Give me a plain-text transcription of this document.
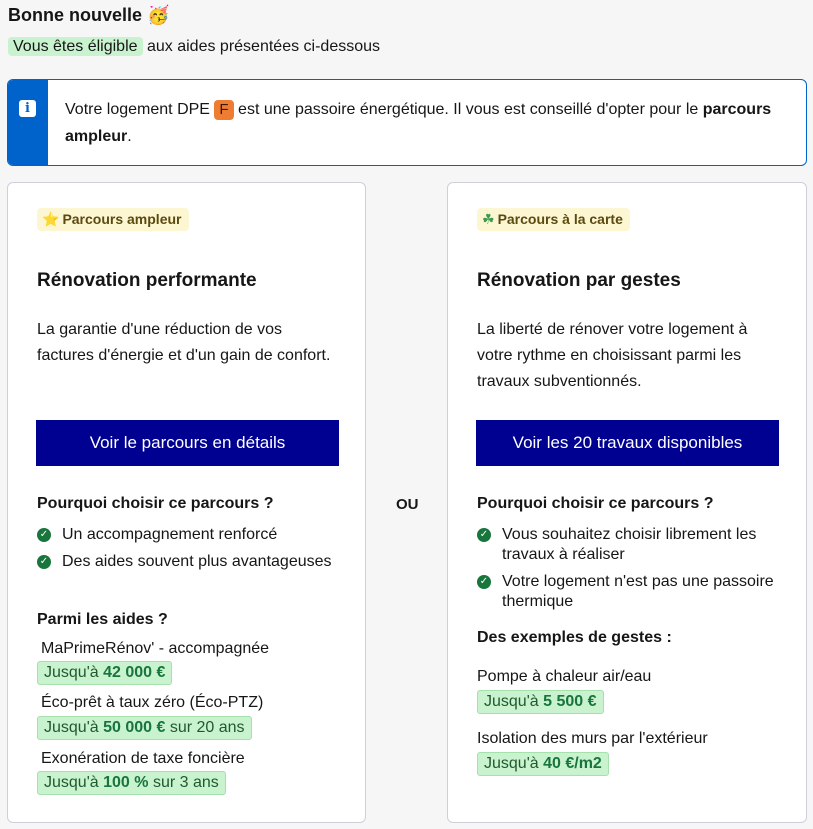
Bonne nouvelle 🥳
Vous êtes éligible aux aides présentées ci-dessous
i	Votre logement DPE F est une passoire énergétique. Il vous est conseillé d'opter pour le parcours ampleur.
⭐ Parcours ampleur
Rénovation performante
La garantie d'une réduction de vos factures d'énergie et d'un gain de confort.
Voir le parcours en détails
Pourquoi choisir ce parcours ?
✓ Un accompagnement renforcé
✓ Des aides souvent plus avantageuses
Parmi les aides ?
MaPrimeRénov' - accompagnée
Jusqu'à 42 000 €
Éco-prêt à taux zéro (Éco-PTZ)
Jusqu'à 50 000 € sur 20 ans
Exonération de taxe foncière
Jusqu'à 100 % sur 3 ans
OU
☘ Parcours à la carte
Rénovation par gestes
La liberté de rénover votre logement à votre rythme en choisissant parmi les travaux subventionnés.
Voir les 20 travaux disponibles
Pourquoi choisir ce parcours ?
✓ Vous souhaitez choisir librement les travaux à réaliser
✓ Votre logement n'est pas une passoire thermique
Des exemples de gestes :
Pompe à chaleur air/eau
Jusqu'à 5 500 €
Isolation des murs par l'extérieur
Jusqu'à 40 €/m2
